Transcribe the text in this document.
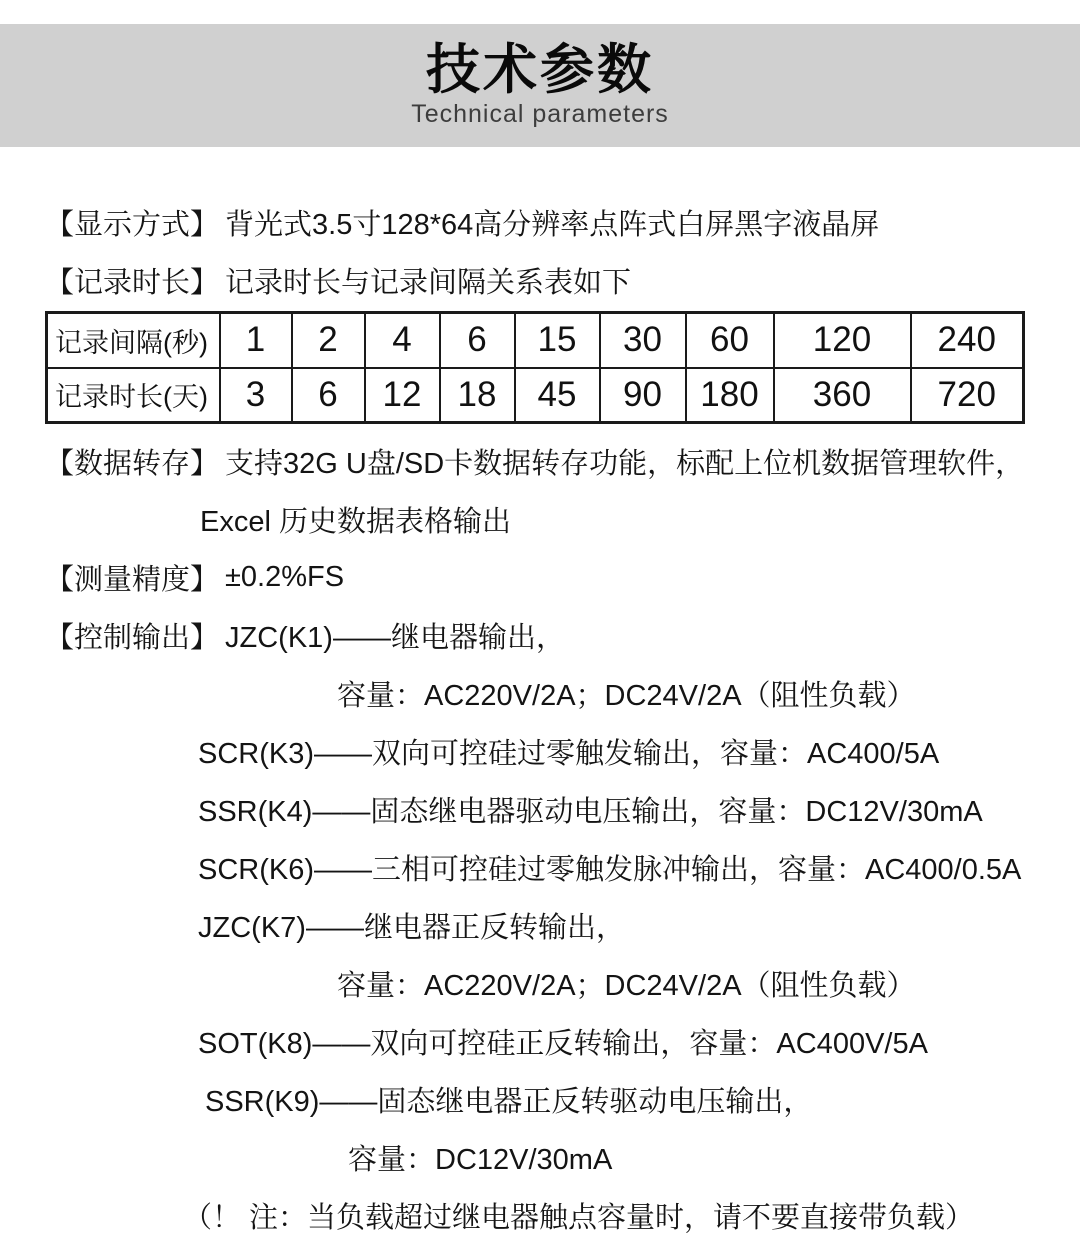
技术参数
Technical parameters
【显示方式】 背光式3.5寸128*64高分辨率点阵式白屏黑字液晶屏
【记录时长】 记录时长与记录间隔关系表如下
记录间隔(秒)	1	2	4	6	15	30	60	120	240
记录时长(天)	3	6	12	18	45	90	180	360	720
【数据转存】 支持32G U盘/SD卡数据转存功能，标配上位机数据管理软件，
Excel 历史数据表格输出
【测量精度】 ±0.2%FS
【控制输出】 JZC(K1)——继电器输出，
容量：AC220V/2A；DC24V/2A（阻性负载）
SCR(K3)——双向可控硅过零触发输出，容量：AC400/5A
SSR(K4)——固态继电器驱动电压输出，容量：DC12V/30mA
SCR(K6)——三相可控硅过零触发脉冲输出，容量：AC400/0.5A
JZC(K7)——继电器正反转输出，
容量：AC220V/2A；DC24V/2A（阻性负载）
SOT(K8)——双向可控硅正反转输出，容量：AC400V/5A
SSR(K9)——固态继电器正反转驱动电压输出，
容量：DC12V/30mA
（！ 注：当负载超过继电器触点容量时，请不要直接带负载）
